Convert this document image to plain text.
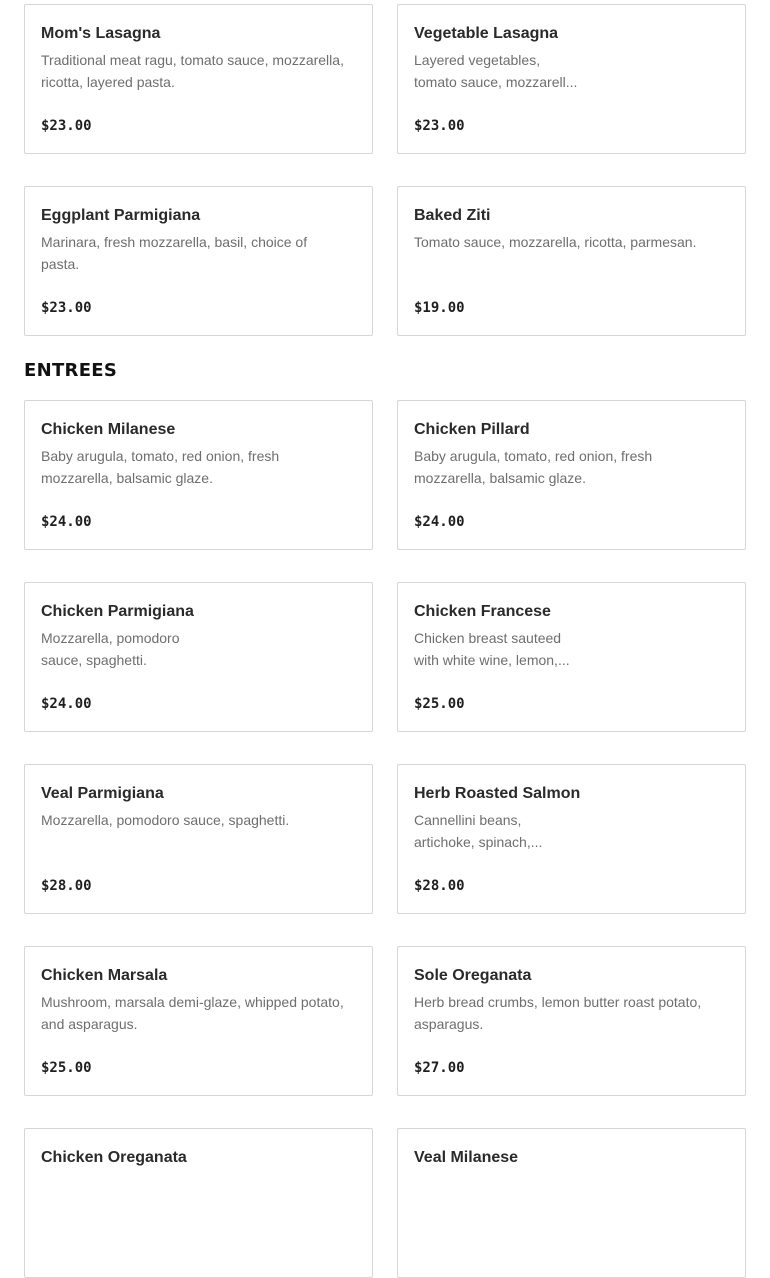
Mom's Lasagna
Traditional meat ragu, tomato sauce, mozzarella,
ricotta, layered pasta.
$23.00
Vegetable Lasagna
Layered vegetables,
tomato sauce, mozzarell...
$23.00
Eggplant Parmigiana
Marinara, fresh mozzarella, basil, choice of
pasta.
$23.00
Baked Ziti
Tomato sauce, mozzarella, ricotta, parmesan.
$19.00
ENTREES
Chicken Milanese
Baby arugula, tomato, red onion, fresh
mozzarella, balsamic glaze.
$24.00
Chicken Pillard
Baby arugula, tomato, red onion, fresh
mozzarella, balsamic glaze.
$24.00
Chicken Parmigiana
Mozzarella, pomodoro
sauce, spaghetti.
$24.00
Chicken Francese
Chicken breast sauteed
with white wine, lemon,...
$25.00
Veal Parmigiana
Mozzarella, pomodoro sauce, spaghetti.
$28.00
Herb Roasted Salmon
Cannellini beans,
artichoke, spinach,...
$28.00
Chicken Marsala
Mushroom, marsala demi-glaze, whipped potato,
and asparagus.
$25.00
Sole Oreganata
Herb bread crumbs, lemon butter roast potato,
asparagus.
$27.00
Chicken Oreganata	Veal Milanese
